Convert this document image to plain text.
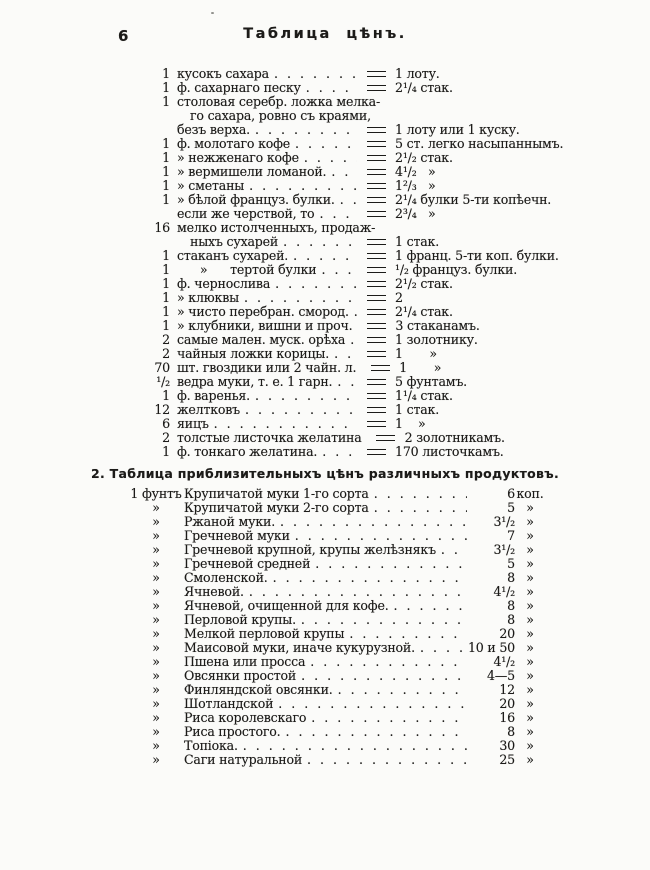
6	Таблица цѣнъ.
1 кусокъ сахара . . .	1 лоту.
1 ф. сахарнаго песку . . .	2¹/₄ стак.
1 столовая серебр. ложка мелка-
го сахара, ровно съ краями,
безъ верха. . . .	1 лоту или 1 куску.
1 ф. молотаго кофе . . .	5 ст. легко насыпаннымъ.
1 » нежженаго кофе . . .	2¹/₂ стак.
1 » вермишели ломаной. . . .	4¹/₂   »
1 » сметаны . . .	1²/₃   »
1 » бѣлой француз. булки. . . .	2¹/₄ булки 5-ти копѣечн.
если же черствой, то . . .	2³/₄   »
16 мелко истолченныхъ, продаж-
ныхъ сухарей . . .	1 стак.
1 стаканъ сухарей. . . .	1 франц. 5-ти коп. булки.
1 »      тертой булки . . .	¹/₂ француз. булки.
1 ф. чернослива . . .	2¹/₂ стак.
1 » клюквы . . .	2
1 » чисто перебран. смород. . . .	2¹/₄ стак.
1 » клубники, вишни и проч. . . .	3 стаканамъ.
2 самые мален. муск. орѣха . . .	1 золотнику.
2 чайныя ложки корицы. . . .	1       »
70 шт. гвоздики или 2 чайн. л. . . .	1       »
¹/₂ ведра муки, т. е. 1 гарн. . . .	5 фунтамъ.
1 ф. варенья. . . .	1¹/₄ стак.
12 желтковъ . . .	1 стак.
6 яицъ . . .	1    »
2 толстые листочка желатина . . .	2 золотникамъ.
1 ф. тонкаго желатина. . . .	170 листочкамъ.
2. Таблица приблизительныхъ цѣнъ различныхъ продуктовъ.
1 фунтъ Крупичатой муки 1-го сорта . . .	6 коп.
»	Крупичатой муки 2-го сорта . . .	5 »
»	Ржаной муки. . . .	3¹/₂ »
»	Гречневой муки . . .	7 »
»	Гречневой крупной, крупы желѣзнякъ . . .	3¹/₂ »
»	Гречневой средней . . .	5 »
»	Смоленской. . . .	8 »
»	Ячневой. . . .	4¹/₂ »
»	Ячневой, очищенной для кофе. . . .	8 »
»	Перловой крупы. . . .	8 »
»	Мелкой перловой крупы . . .	20 »
»	Маисовой муки, иначе кукурузной. . . .	10 и 50 »
»	Пшена или просса . . .	4¹/₂ »
»	Овсянки простой . . .	4—5 »
»	Финляндской овсянки. . . .	12 »
»	Шотландской . . .	20 »
»	Риса королевскаго . . .	16 »
»	Риса простого. . . .	8 »
»	Топіока. . . .	30 »
»	Саги натуральной . . .	25 »
